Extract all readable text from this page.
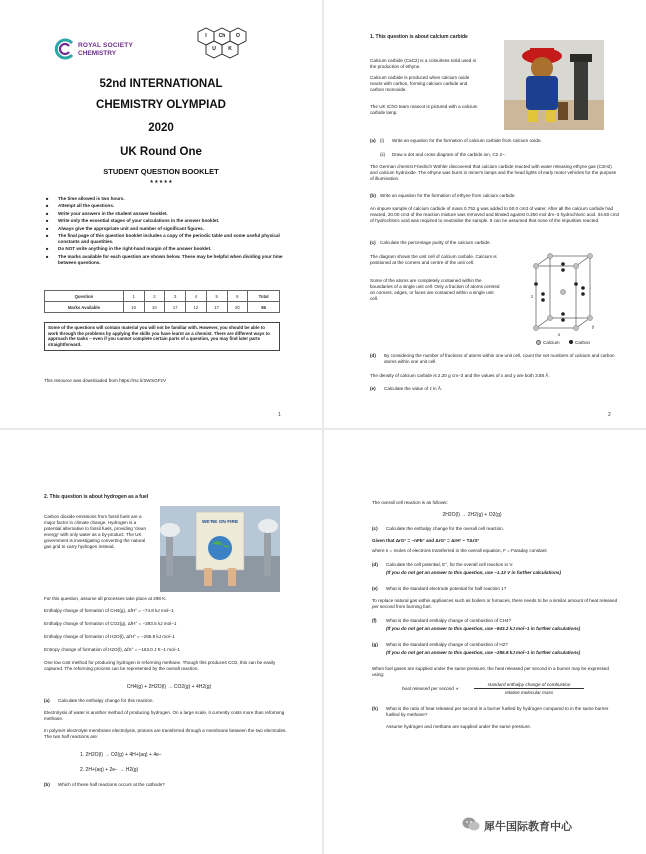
ROYAL SOCIETY
CHEMISTRY
I	Ch	O
U	K
52nd INTERNATIONAL
CHEMISTRY OLYMPIAD
2020
UK Round One
STUDENT QUESTION BOOKLET
* * * * *
■ The time allowed is two hours.
■ Attempt all the questions.
■ Write your answers in the student answer booklet.
■ Write only the essential stages of your calculations in the answer booklet.
■ Always give the appropriate unit and number of significant figures.
■ The final page of this question booklet includes a copy of the periodic table and some useful physical constants and quantities.
■ Do NOT write anything in the right-hand margin of the answer booklet.
■ The marks available for each question are shown below. These may be helpful when dividing your time between questions.
Question	1	2	3	4	5	6	Total
Marks Available	10	10	17	12	17	20	86
Some of the questions will contain material you will not be familiar with. However, you should be able to work through the problems by applying the skills you have learnt as a chemist. There are different ways to approach the tasks – even if you cannot complete certain parts of a question, you may find later parts straightforward.
This resource was downloaded from https://rsc.li/2WmGFzV
1
1. This question is about calcium carbide
Calcium carbide (CaC2) is a colourless solid used in the production of ethyne.
Calcium carbide is produced when calcium oxide reacts with carbon, forming calcium carbide and carbon monoxide.
The UK IChO team mascot is pictured with a calcium carbide lamp.
(a) (i) Write an equation for the formation of calcium carbide from calcium oxide.
(ii) Draw a dot and cross diagram of the carbide ion, C2 2−.
The German chemist Friedrich Wöhler discovered that calcium carbide reacted with water releasing ethyne gas (C2H2) and calcium hydroxide. The ethyne was burnt in miner's lamps and the head lights of early motor vehicles for the purpose of illumination.
(b) Write an equation for the formation of ethyne from calcium carbide.
An impure sample of calcium carbide of mass 0.752 g was added to 50.0 cm3 of water. After all the calcium carbide had reacted, 20.00 cm3 of the reaction mixture was removed and titrated against 0.250 mol dm−3 hydrochloric acid. 34.60 cm3 of hydrochloric acid was required to neutralise the sample. It can be assumed that none of the impurities reacted.
(c) Calculate the percentage purity of the calcium carbide.
The diagram shows the unit cell of calcium carbide. Calcium is positioned at the corners and centre of the unit cell.
Some of the atoms are completely contained within the boundaries of a single unit cell. Only a fraction of atoms centred on corners, edges, or faces are contained within a single unit cell.	z
x
y
Calcium	Carbon
(d) By considering the number of fractions of atoms within one unit cell, count the net numbers of calcium and carbon atoms within one unit cell.
The density of calcium carbide is 2.20 g cm−3 and the values of x and y are both 3.88 Å.
(e) Calculate the value of z in Å.
2
2. This question is about hydrogen as a fuel
Carbon dioxide emissions from fossil fuels are a major factor in climate change. Hydrogen is a potential alternative to fossil fuels, providing 'clean energy' with only water as a by-product. The UK government is investigating converting the natural gas grid to carry hydrogen instead.
WE'RE ON FIRE
For this question, assume all processes take place at 298 K.
Enthalpy change of formation of CH4(g), ΔfH° = −74.8 kJ mol−1
Enthalpy change of formation of CO2(g), ΔfH° = −393.5 kJ mol−1
Enthalpy change of formation of H2O(l), ΔfH° = −285.8 kJ mol−1
Entropy change of formation of H2O(l), ΔfS° = −163.0 J K−1 mol−1
One low cost method for producing hydrogen is reforming methane. Though this produces CO2, this can be easily captured. The reforming process can be represented by the overall reaction.
CH4(g) + 2H2O(l) → CO2(g) + 4H2(g)
(a) Calculate the enthalpy change for this reaction.
Electrolysis of water is another method of producing hydrogen. On a large scale, it currently costs more than reforming methane.
In polymer electrolyte membrane electrolysis, protons are transferred through a membrane between the two electrodes. The two half reactions are:
1. 2H2O(l) → O2(g) + 4H+(aq) + 4e−
2. 2H+(aq) + 2e− → H2(g)
(b) Which of these half reactions occurs at the cathode?
The overall cell reaction is as follows:
2H2O(l) → 2H2(g) + O2(g)
(c) Calculate the enthalpy change for the overall cell reaction.
Given that ΔrG° = −nFE° and ΔrG° = ΔrH° − TΔrS°
where n = moles of electrons transferred in the overall equation, F = Faraday constant
(d) Calculate the cell potential, E°, for the overall cell reaction in V.
(If you do not get an answer to this question, use −1.13 V in further calculations)
(e) What is the standard electrode potential for half reaction 1?
To replace natural gas within appliances such as boilers or furnaces, there needs to be a similar amount of heat released per second from burning fuel.
(f) What is the standard enthalpy change of combustion of CH4?
(If you do not get an answer to this question, use −843.2 kJ mol−1 in further calculations)
(g) What is the standard enthalpy change of combustion of H2?
(If you do not get an answer to this question, use −285.8 kJ mol−1 in further calculations)
When fuel gases are supplied under the same pressure, the heat released per second in a burner may be expressed using:
heat released per second ∝
standard enthalpy change of combustion
relative molecular mass
(h) What is the ratio of heat released per second in a burner fuelled by hydrogen compared to in the same burner fuelled by methane?
Assume hydrogen and methane are supplied under the same pressure.
犀牛国际教育中心
